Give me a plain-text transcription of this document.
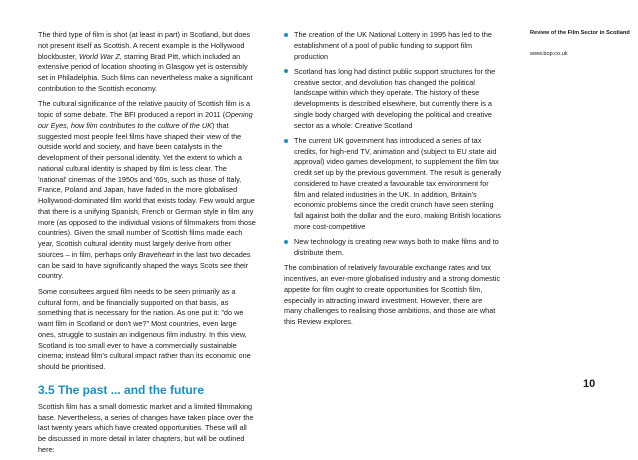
The third type of film is shot (at least in part) in Scotland, but does not present itself as Scottish. A recent example is the Hollywood blockbuster, World War Z, starring Brad Pitt, which included an extensive period of location shooting in Glasgow yet is ostensibly set in Philadelphia. Such films can nevertheless make a significant contribution to the Scottish economy.

The cultural significance of the relative paucity of Scottish film is a topic of some debate. The BFI produced a report in 2011 (Opening our Eyes, how film contributes to the culture of the UK) that suggested most people feel films have shaped their view of the outside world and society, and have been catalysts in the development of their personal identity. Yet the extent to which a national cultural identity is shaped by film is less clear. The 'national' cinemas of the 1950s and '60s, such as those of Italy, France, Poland and Japan, have faded in the more globalised Hollywood-dominated film world that exists today. Few would argue that there is a unifying Spanish, French or German style in film any more (as opposed to the individual visions of filmmakers from those countries). Given the small number of Scottish films made each year, Scottish cultural identity must largely derive from other sources – in film, perhaps only Braveheart in the last two decades can be said to have significantly shaped the ways Scots see their country.

Some consultees argued film needs to be seen primarily as a cultural form, and be financially supported on that basis, as something that is necessary for the nation. As one put it: "do we want film in Scotland or don't we?" Most countries, even large ones, struggle to sustain an indigenous film industry. In this view, Scotland is too small ever to have a commercially sustainable cinema; instead film's cultural impact rather than its economic one should be prioritised.

3.5 The past ... and the future

Scottish film has a small domestic market and a limited filmmaking base. Nevertheless, a series of changes have taken place over the last twenty years which have created opportunities. These will all be discussed in more detail in later chapters, but will be outlined here:

The creation of the UK National Lottery in 1995 has led to the establishment of a pool of public funding to support film production
Scotland has long had distinct public support structures for the creative sector, and devolution has changed the political landscape within which they operate. The history of these developments is described elsewhere, but currently there is a single body charged with developing the political and creative sector as a whole: Creative Scotland
The current UK government has introduced a series of tax credits, for high-end TV, animation and (subject to EU state aid approval) video games development, to supplement the film tax credit set up by the previous government. The result is generally considered to have created a favourable tax environment for film and related industries in the UK. In addition, Britain's economic problems since the credit crunch have seen sterling fall against both the dollar and the euro, making British locations more cost-competitive
New technology is creating new ways both to make films and to distribute them.

The combination of relatively favourable exchange rates and tax incentives, an ever-more globalised industry and a strong domestic appetite for film ought to create opportunities for Scottish film, especially in attracting inward investment. However, there are many challenges to realising those ambitions, and those are what this Review explores.

Review of the Film Sector in Scotland
www.bop.co.uk
10
